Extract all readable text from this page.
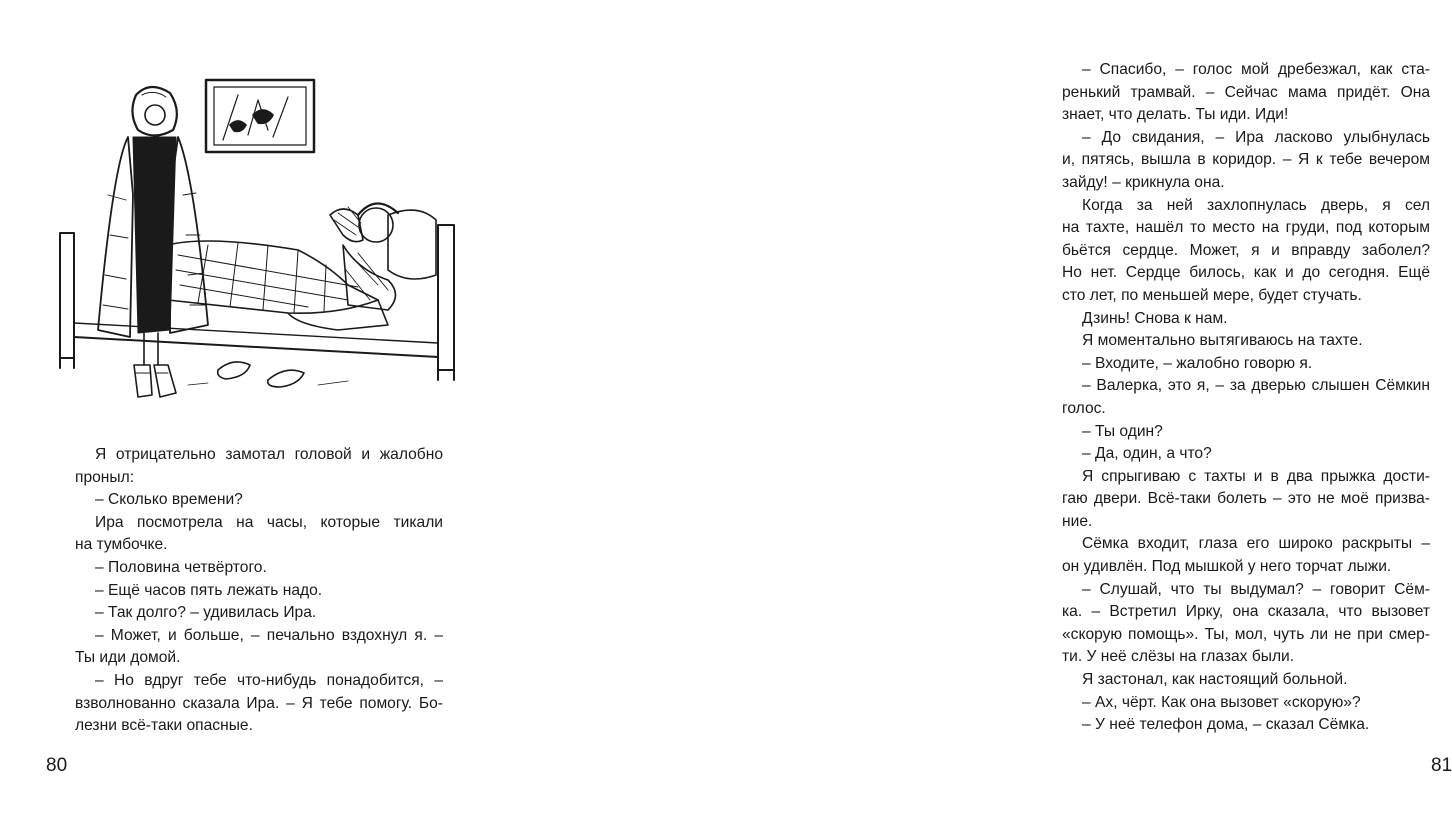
Я отрицательно замотал головой и жалобно
проныл:

– Сколько времени?

Ира посмотрела на часы, которые тикали
на тумбочке.

– Половина четвёртого.

– Ещё часов пять лежать надо.

– Так долго? – удивилась Ира.

– Может, и больше, – печально вздохнул я. –
Ты иди домой.

– Но вдруг тебе что-нибудь понадобится, –
взволнованно сказала Ира. – Я тебе помогу. Бо-
лезни всё-таки опасные.

80

– Спасибо, – голос мой дребезжал, как ста-
ренький трамвай. – Сейчас мама придёт. Она
знает, что делать. Ты иди. Иди!

– До свидания, – Ира ласково улыбнулась
и, пятясь, вышла в коридор. – Я к тебе вечером
зайду! – крикнула она.

Когда за ней захлопнулась дверь, я сел
на тахте, нашёл то место на груди, под которым
бьётся сердце. Может, я и вправду заболел?
Но нет. Сердце билось, как и до сегодня. Ещё
сто лет, по меньшей мере, будет стучать.

Дзинь! Снова к нам.

Я моментально вытягиваюсь на тахте.

– Входите, – жалобно говорю я.

– Валерка, это я, – за дверью слышен Сёмкин
голос.

– Ты один?

– Да, один, а что?

Я спрыгиваю с тахты и в два прыжка дости-
гаю двери. Всё-таки болеть – это не моё призва-
ние.

Сёмка входит, глаза его широко раскрыты –
он удивлён. Под мышкой у него торчат лыжи.

– Слушай, что ты выдумал? – говорит Сём-
ка. – Встретил Ирку, она сказала, что вызовет
«скорую помощь». Ты, мол, чуть ли не при смер-
ти. У неё слёзы на глазах были.

Я застонал, как настоящий больной.

– Ах, чёрт. Как она вызовет «скорую»?

– У неё телефон дома, – сказал Сёмка.

81
